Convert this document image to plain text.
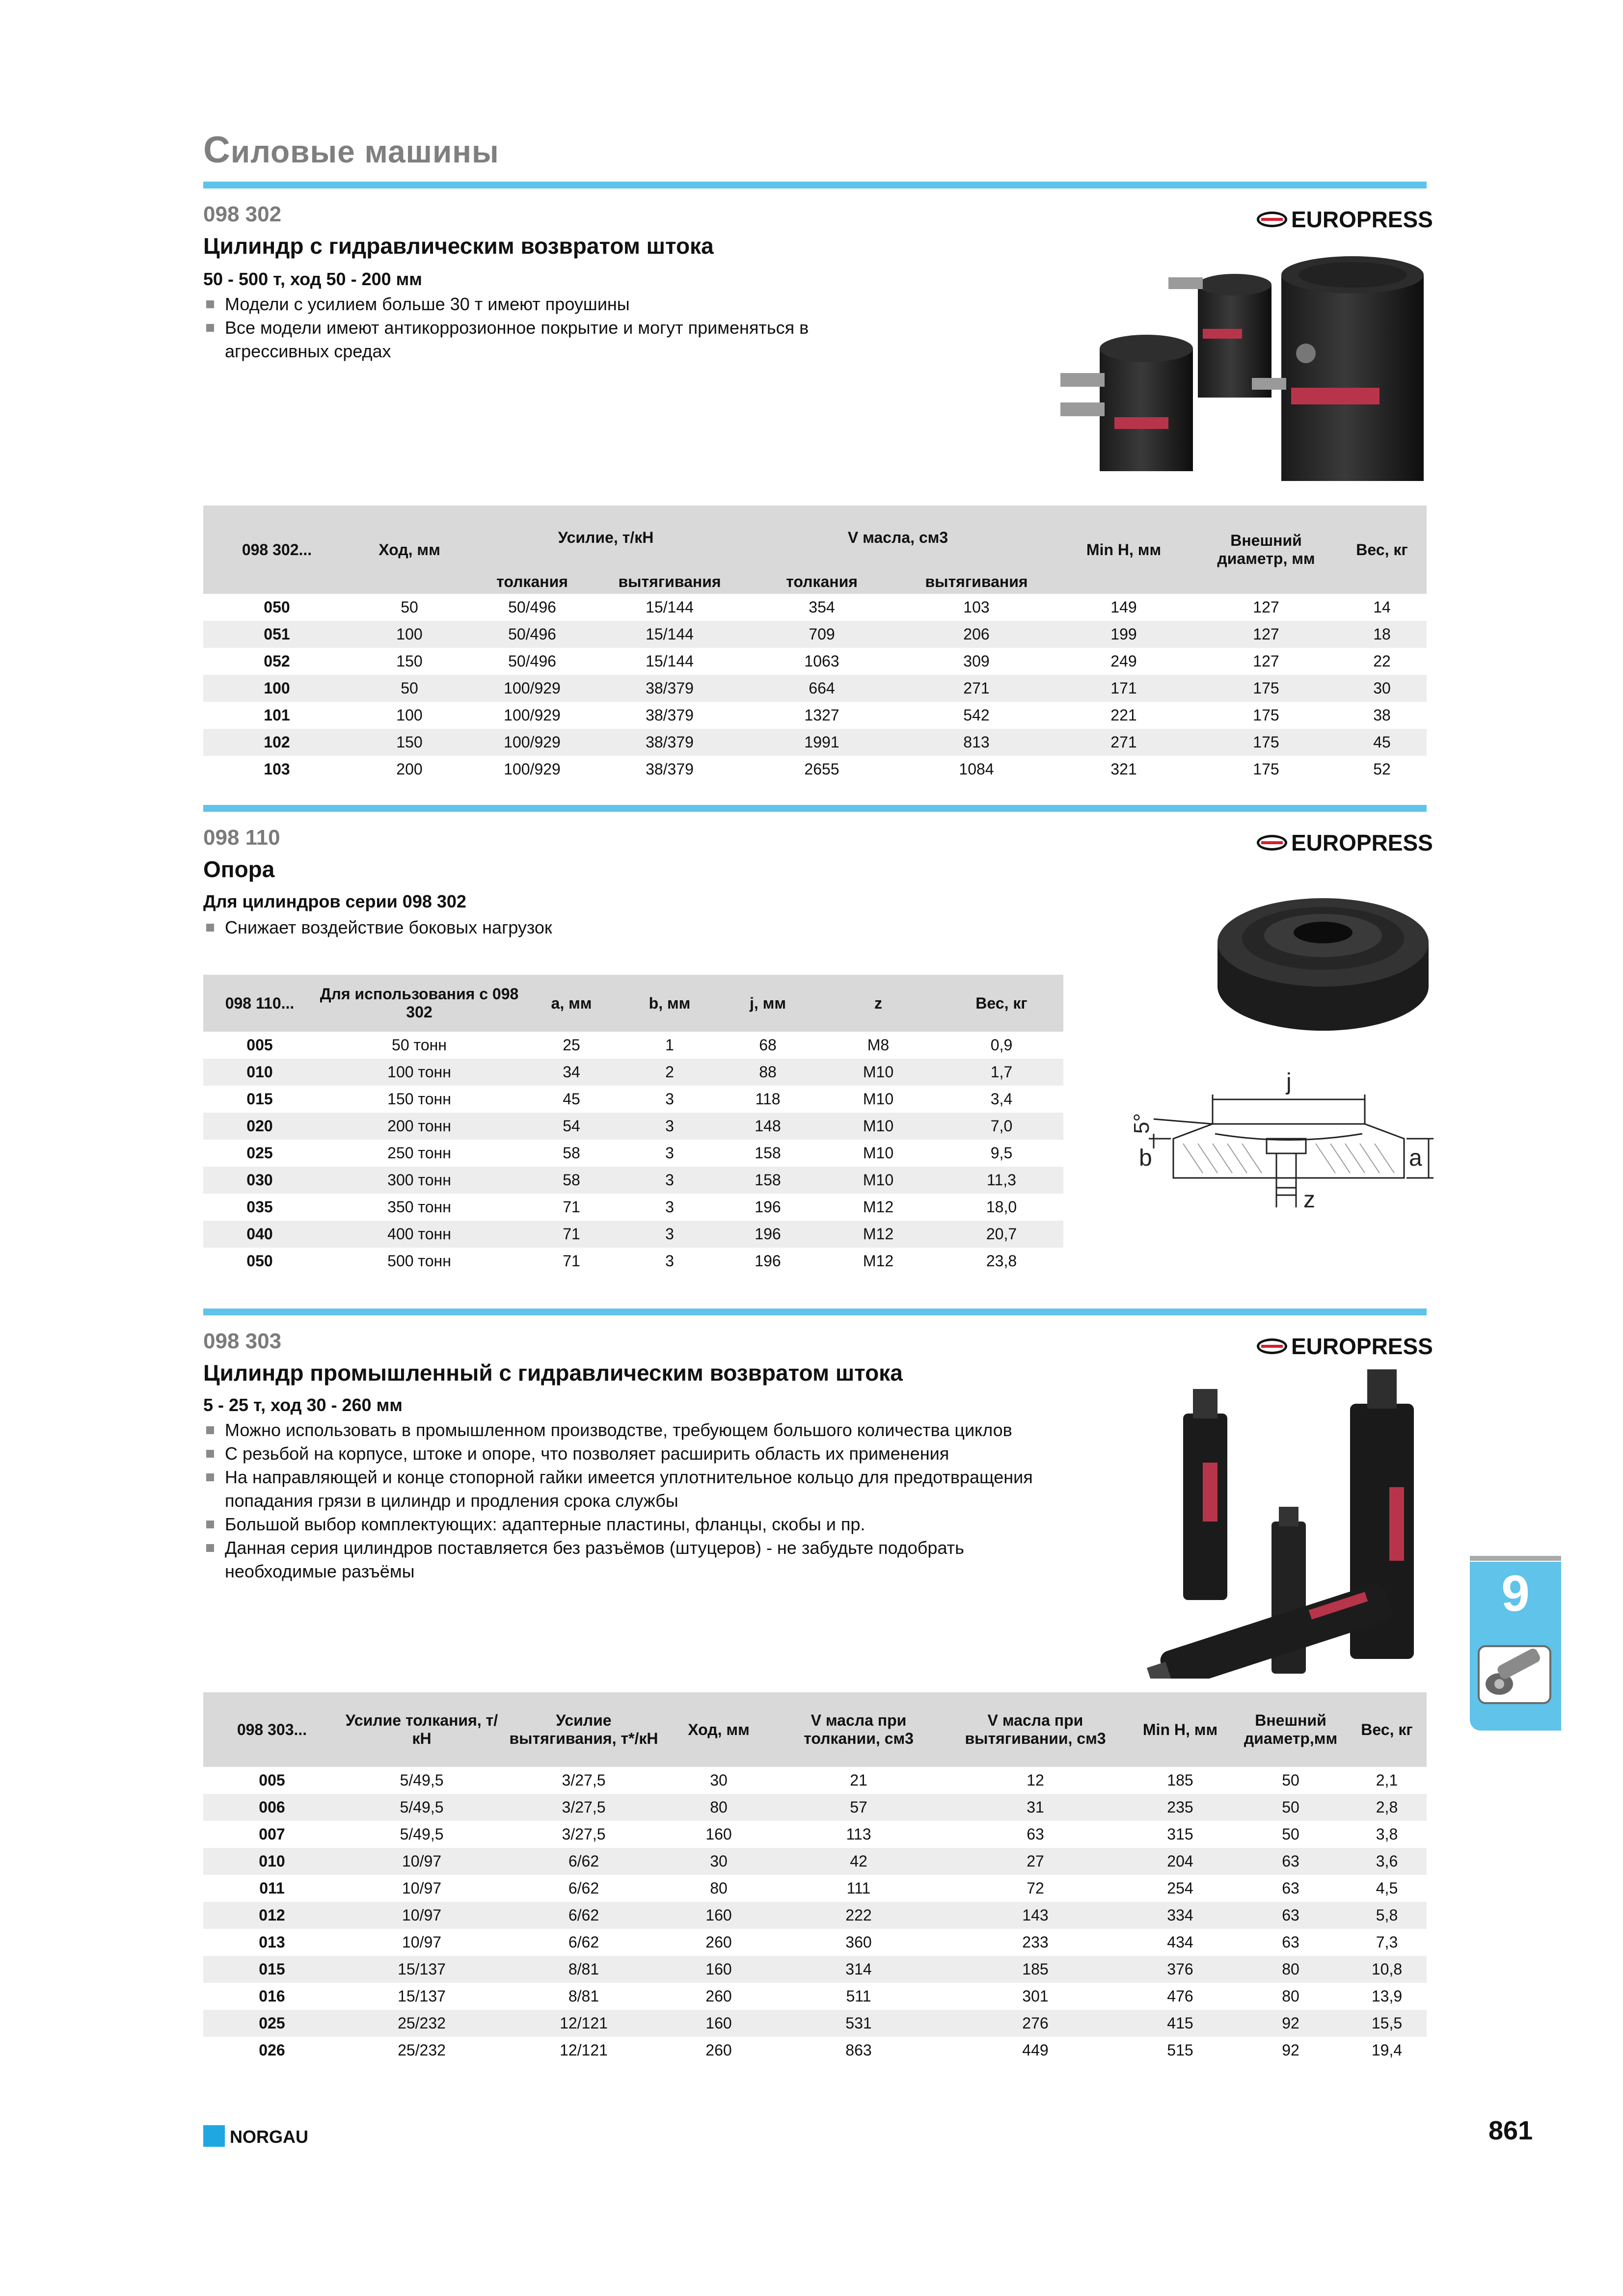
Силовые машины
098 302
Цилиндр с гидравлическим возвратом штока
50 - 500 т, ход 50 - 200 мм
Модели с усилием больше 30 т имеют проушины
Все модели имеют антикоррозионное покрытие и могут применяться в агрессивных средах
EUROPRESS
098 302...	Ход, мм	Усилие, т/кН		V масла, см3		Min H, мм	Внешний диаметр, мм	Вес, кг
		толкания	вытягивания	толкания	вытягивания			
050	50	50/496	15/144	354	103	149	127	14
051	100	50/496	15/144	709	206	199	127	18
052	150	50/496	15/144	1063	309	249	127	22
100	50	100/929	38/379	664	271	171	175	30
101	100	100/929	38/379	1327	542	221	175	38
102	150	100/929	38/379	1991	813	271	175	45
103	200	100/929	38/379	2655	1084	321	175	52
098 110
Опора
Для цилиндров серии 098 302
Снижает воздействие боковых нагрузок
EUROPRESS
j
5°
b	a
z
098 110...	Для использования с 098 302	a, мм	b, мм	j, мм	z	Вес, кг
005	50 тонн	25	1	68	M8	0,9
010	100 тонн	34	2	88	M10	1,7
015	150 тонн	45	3	118	M10	3,4
020	200 тонн	54	3	148	M10	7,0
025	250 тонн	58	3	158	M10	9,5
030	300 тонн	58	3	158	M10	11,3
035	350 тонн	71	3	196	M12	18,0
040	400 тонн	71	3	196	M12	20,7
050	500 тонн	71	3	196	M12	23,8
098 303
Цилиндр промышленный с гидравлическим возвратом штока
5 - 25 т, ход 30 - 260 мм
Можно использовать в промышленном производстве, требующем большого количества циклов
С резьбой на корпусе, штоке и опоре, что позволяет расширить область их применения
На направляющей и конце стопорной гайки имеется уплотнительное кольцо для предотвращения попадания грязи в цилиндр и продления срока службы
Большой выбор комплектующих: адаптерные пластины, фланцы, скобы и пр.
Данная серия цилиндров поставляется без разъёмов (штуцеров) - не забудьте подобрать необходимые разъёмы
EUROPRESS
098 303...	Усилие толкания, т/кН	Усилие вытягивания, т*/кН	Ход, мм	V масла при толкании, см3	V масла при вытягивании, см3	Min H, мм	Внешний диаметр,мм	Вес, кг
005	5/49,5	3/27,5	30	21	12	185	50	2,1
006	5/49,5	3/27,5	80	57	31	235	50	2,8
007	5/49,5	3/27,5	160	113	63	315	50	3,8
010	10/97	6/62	30	42	27	204	63	3,6
011	10/97	6/62	80	111	72	254	63	4,5
012	10/97	6/62	160	222	143	334	63	5,8
013	10/97	6/62	260	360	233	434	63	7,3
015	15/137	8/81	160	314	185	376	80	10,8
016	15/137	8/81	260	511	301	476	80	13,9
025	25/232	12/121	160	531	276	415	92	15,5
026	25/232	12/121	260	863	449	515	92	19,4
9
NORGAU	861
